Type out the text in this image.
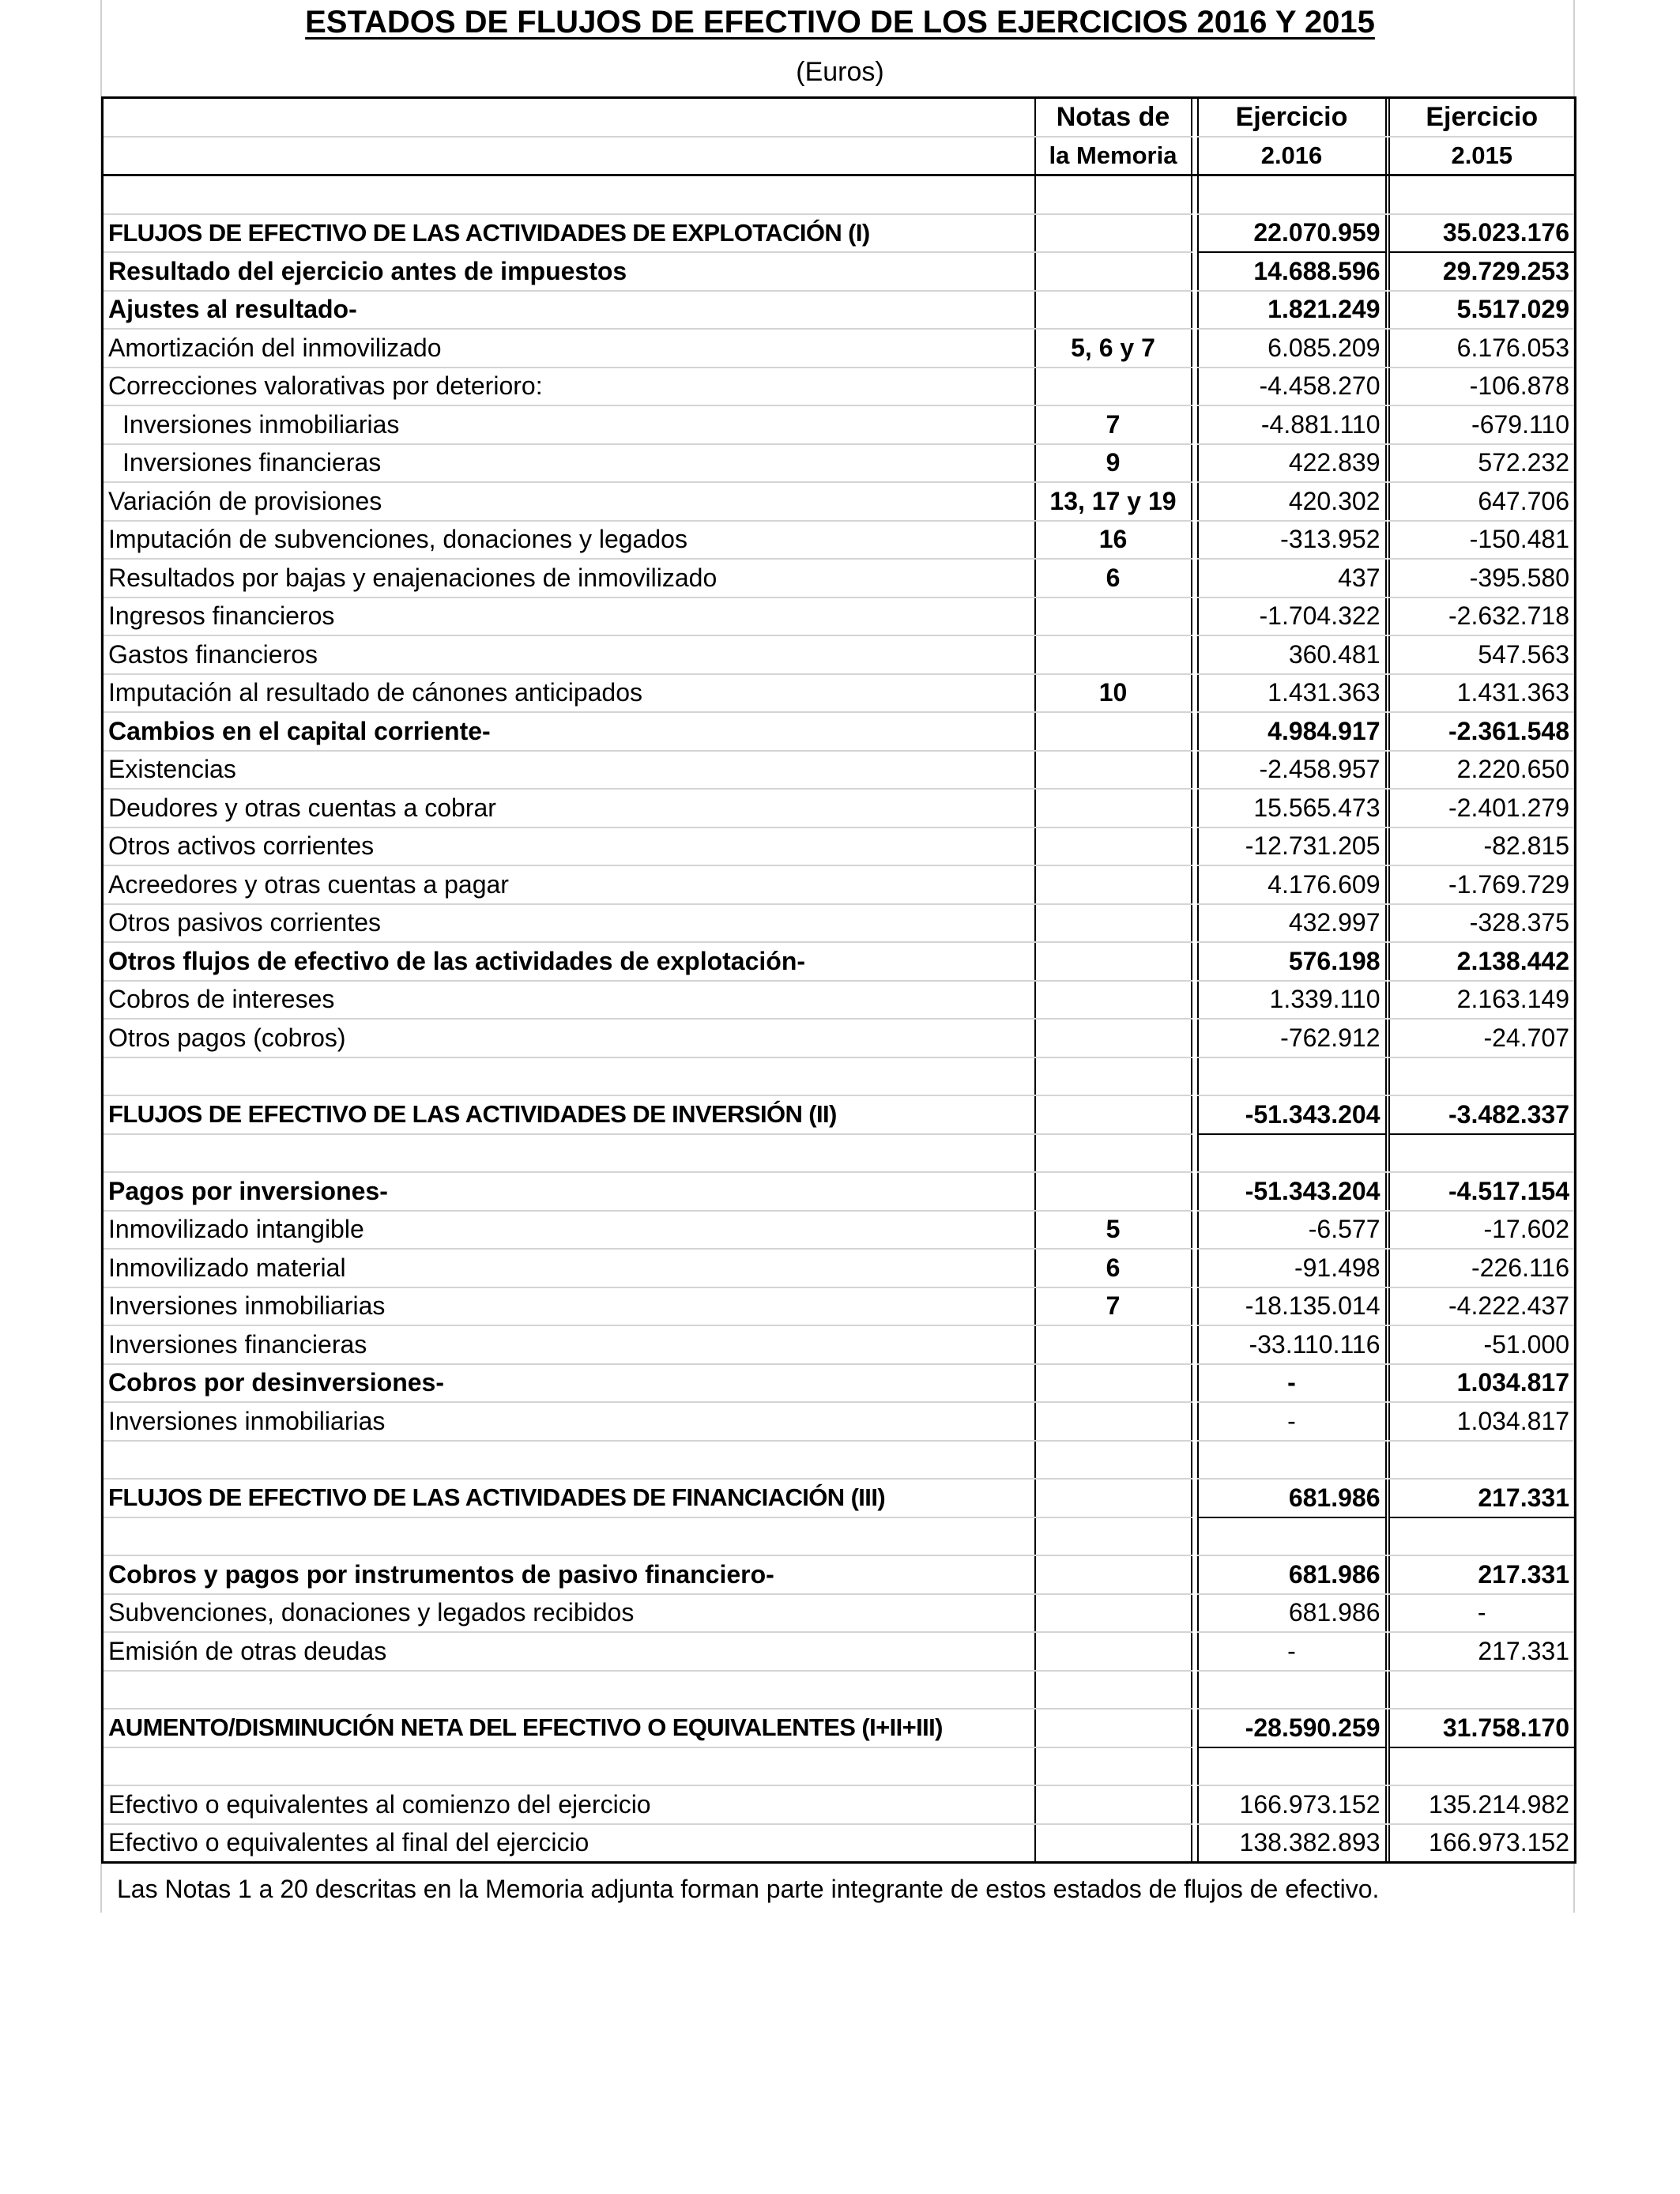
ESTADOS DE FLUJOS DE EFECTIVO DE LOS EJERCICIOS 2016 Y 2015
(Euros)
	Notas de		Ejercicio		Ejercicio
	la Memoria		2.016		2.015

FLUJOS DE EFECTIVO DE LAS ACTIVIDADES DE EXPLOTACIÓN (I)			22.070.959		35.023.176
Resultado del ejercicio antes de impuestos			14.688.596		29.729.253
Ajustes al resultado-			1.821.249		5.517.029
Amortización del inmovilizado	5, 6 y 7		6.085.209		6.176.053
Correcciones valorativas por deterioro:			-4.458.270		-106.878
Inversiones inmobiliarias	7		-4.881.110		-679.110
Inversiones financieras	9		422.839		572.232
Variación de provisiones	13, 17 y 19		420.302		647.706
Imputación de subvenciones, donaciones y legados	16		-313.952		-150.481
Resultados por bajas y enajenaciones de inmovilizado	6		437		-395.580
Ingresos financieros			-1.704.322		-2.632.718
Gastos financieros			360.481		547.563
Imputación al resultado de cánones anticipados	10		1.431.363		1.431.363
Cambios en el capital corriente-			4.984.917		-2.361.548
Existencias			-2.458.957		2.220.650
Deudores y otras cuentas a cobrar			15.565.473		-2.401.279
Otros activos corrientes			-12.731.205		-82.815
Acreedores y otras cuentas a pagar			4.176.609		-1.769.729
Otros pasivos corrientes			432.997		-328.375
Otros flujos de efectivo de las actividades de explotación-			576.198		2.138.442
Cobros de intereses			1.339.110		2.163.149
Otros pagos (cobros)			-762.912		-24.707

FLUJOS DE EFECTIVO DE LAS ACTIVIDADES DE INVERSIÓN (II)			-51.343.204		-3.482.337

Pagos por inversiones-			-51.343.204		-4.517.154
Inmovilizado intangible	5		-6.577		-17.602
Inmovilizado material	6		-91.498		-226.116
Inversiones inmobiliarias	7		-18.135.014		-4.222.437
Inversiones financieras			-33.110.116		-51.000
Cobros por desinversiones-			-		1.034.817
Inversiones inmobiliarias			-		1.034.817

FLUJOS DE EFECTIVO DE LAS ACTIVIDADES DE FINANCIACIÓN (III)			681.986		217.331

Cobros y pagos por instrumentos de pasivo financiero-			681.986		217.331
Subvenciones, donaciones y legados recibidos			681.986		-
Emisión de otras deudas			-		217.331

AUMENTO/DISMINUCIÓN NETA DEL EFECTIVO O EQUIVALENTES (I+II+III)			-28.590.259		31.758.170

Efectivo o equivalentes al comienzo del ejercicio			166.973.152		135.214.982
Efectivo o equivalentes al final del ejercicio			138.382.893		166.973.152
Las Notas 1 a 20 descritas en la Memoria adjunta forman parte integrante de estos estados de flujos de efectivo.
